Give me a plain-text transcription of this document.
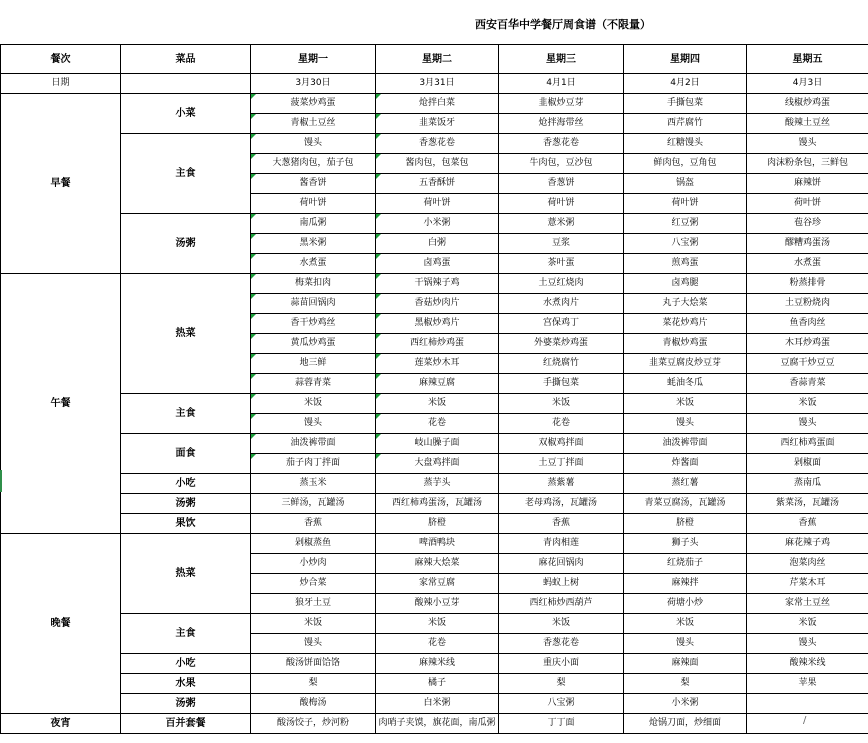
西安百华中学餐厅周食谱（不限量）
餐次	菜品	星期一	星期二	星期三	星期四	星期五
日期		3月30日	3月31日	4月1日	4月2日	4月3日
早餐	小菜	菠菜炒鸡蛋	炝拌白菜	韭椒炒豆芽	手撕包菜	线椒炒鸡蛋
		青椒土豆丝	韭菜饭牙	炝拌海带丝	西芹腐竹	酸辣土豆丝
	主食	馒头	香葱花卷	香葱花卷	红糖馒头	馒头
		大葱猪肉包，茄子包	酱肉包，包菜包	牛肉包，豆沙包	鲜肉包，豆角包	肉沫粉条包，三鲜包
		酱香饼	五香酥饼	香葱饼	锅盔	麻辣饼
		荷叶饼	荷叶饼	荷叶饼	荷叶饼	荷叶饼
	汤粥	南瓜粥	小米粥	薏米粥	红豆粥	苞谷珍
		黑米粥	白粥	豆浆	八宝粥	醪糟鸡蛋汤
		水煮蛋	卤鸡蛋	茶叶蛋	煎鸡蛋	水煮蛋
午餐	热菜	梅菜扣肉	干锅辣子鸡	土豆红烧肉	卤鸡腿	粉蒸排骨
		蒜苗回锅肉	香菇炒肉片	水煮肉片	丸子大烩菜	土豆粉烧肉
		香干炒鸡丝	黑椒炒鸡片	宫保鸡丁	菜花炒鸡片	鱼香肉丝
		黄瓜炒鸡蛋	西红柿炒鸡蛋	外婆菜炒鸡蛋	青椒炒鸡蛋	木耳炒鸡蛋
		地三鲜	莲菜炒木耳	红烧腐竹	韭菜豆腐皮炒豆芽	豆腐干炒豆豆
		蒜蓉青菜	麻辣豆腐	手撕包菜	蚝油冬瓜	香蒜青菜
	主食	米饭	米饭	米饭	米饭	米饭
		馒头	花卷	花卷	馒头	馒头
	面食	油泼裤带面	岐山臊子面	双椒鸡拌面	油泼裤带面	西红柿鸡蛋面
		茄子肉丁拌面	大盘鸡拌面	土豆丁拌面	炸酱面	剁椒面
	小吃	蒸玉米	蒸芋头	蒸紫薯	蒸红薯	蒸南瓜
	汤粥	三鲜汤，瓦罐汤	西红柿鸡蛋汤，瓦罐汤	老母鸡汤，瓦罐汤	青菜豆腐汤，瓦罐汤	紫菜汤，瓦罐汤
	果饮	香蕉	脐橙	香蕉	脐橙	香蕉
晚餐	热菜	剁椒蒸鱼	啤酒鸭块	青肉相莲	狮子头	麻花辣子鸡
		小炒肉	麻辣大烩菜	麻花回锅肉	红烧茄子	泡菜肉丝
		炒合菜	家常豆腐	蚂蚁上树	麻辣拌	芹菜木耳
		狼牙土豆	酸辣小豆芽	西红柿炒西葫芦	荷塘小炒	家常土豆丝
	主食	米饭	米饭	米饭	米饭	米饭
		馒头	花卷	香葱花卷	馒头	馒头
	小吃	酸汤饼面饸饹	麻辣米线	重庆小面	麻辣面	酸辣米线
	水果	梨	橘子	梨	梨	苹果
	汤粥	酸梅汤	白米粥	八宝粥	小米粥	
夜宵	百并套餐	酸汤饺子，炒河粉	肉哨子夹馍，旗花面，南瓜粥	丁丁面	炝锅刀面，炒细面		/
